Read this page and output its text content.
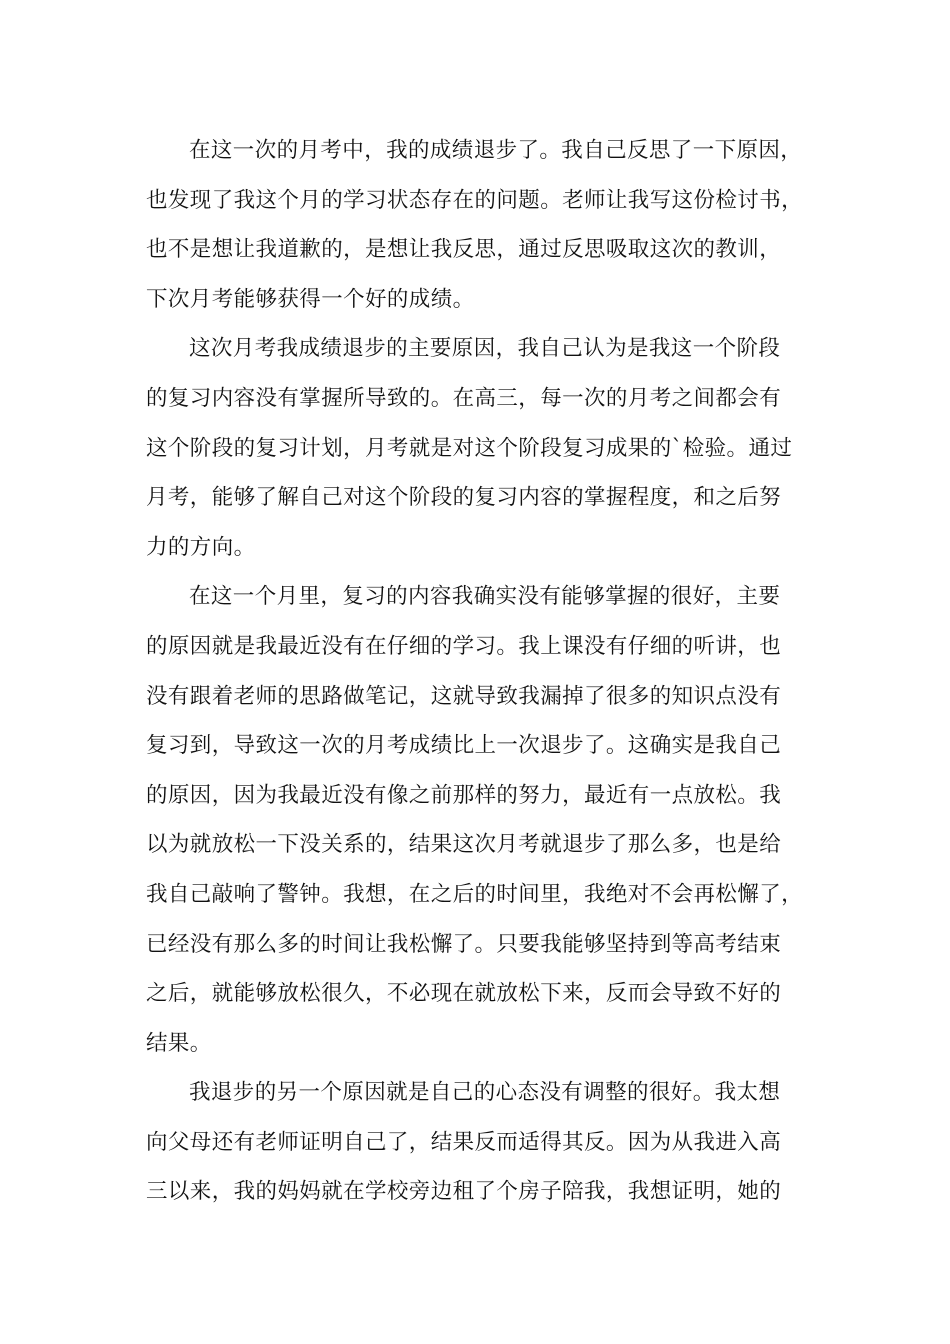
在这一次的月考中，我的成绩退步了。我自己反思了一下原因，
也发现了我这个月的学习状态存在的问题。老师让我写这份检讨书，
也不是想让我道歉的，是想让我反思，通过反思吸取这次的教训，
下次月考能够获得一个好的成绩。

这次月考我成绩退步的主要原因，我自己认为是我这一个阶段
的复习内容没有掌握所导致的。在高三，每一次的月考之间都会有
这个阶段的复习计划，月考就是对这个阶段复习成果的`检验。通过
月考，能够了解自己对这个阶段的复习内容的掌握程度，和之后努
力的方向。

在这一个月里，复习的内容我确实没有能够掌握的很好，主要
的原因就是我最近没有在仔细的学习。我上课没有仔细的听讲，也
没有跟着老师的思路做笔记，这就导致我漏掉了很多的知识点没有
复习到，导致这一次的月考成绩比上一次退步了。这确实是我自己
的原因，因为我最近没有像之前那样的努力，最近有一点放松。我
以为就放松一下没关系的，结果这次月考就退步了那么多，也是给
我自己敲响了警钟。我想，在之后的时间里，我绝对不会再松懈了，
已经没有那么多的时间让我松懈了。只要我能够坚持到等高考结束
之后，就能够放松很久，不必现在就放松下来，反而会导致不好的
结果。

我退步的另一个原因就是自己的心态没有调整的很好。我太想
向父母还有老师证明自己了，结果反而适得其反。因为从我进入高
三以来，我的妈妈就在学校旁边租了个房子陪我，我想证明，她的
